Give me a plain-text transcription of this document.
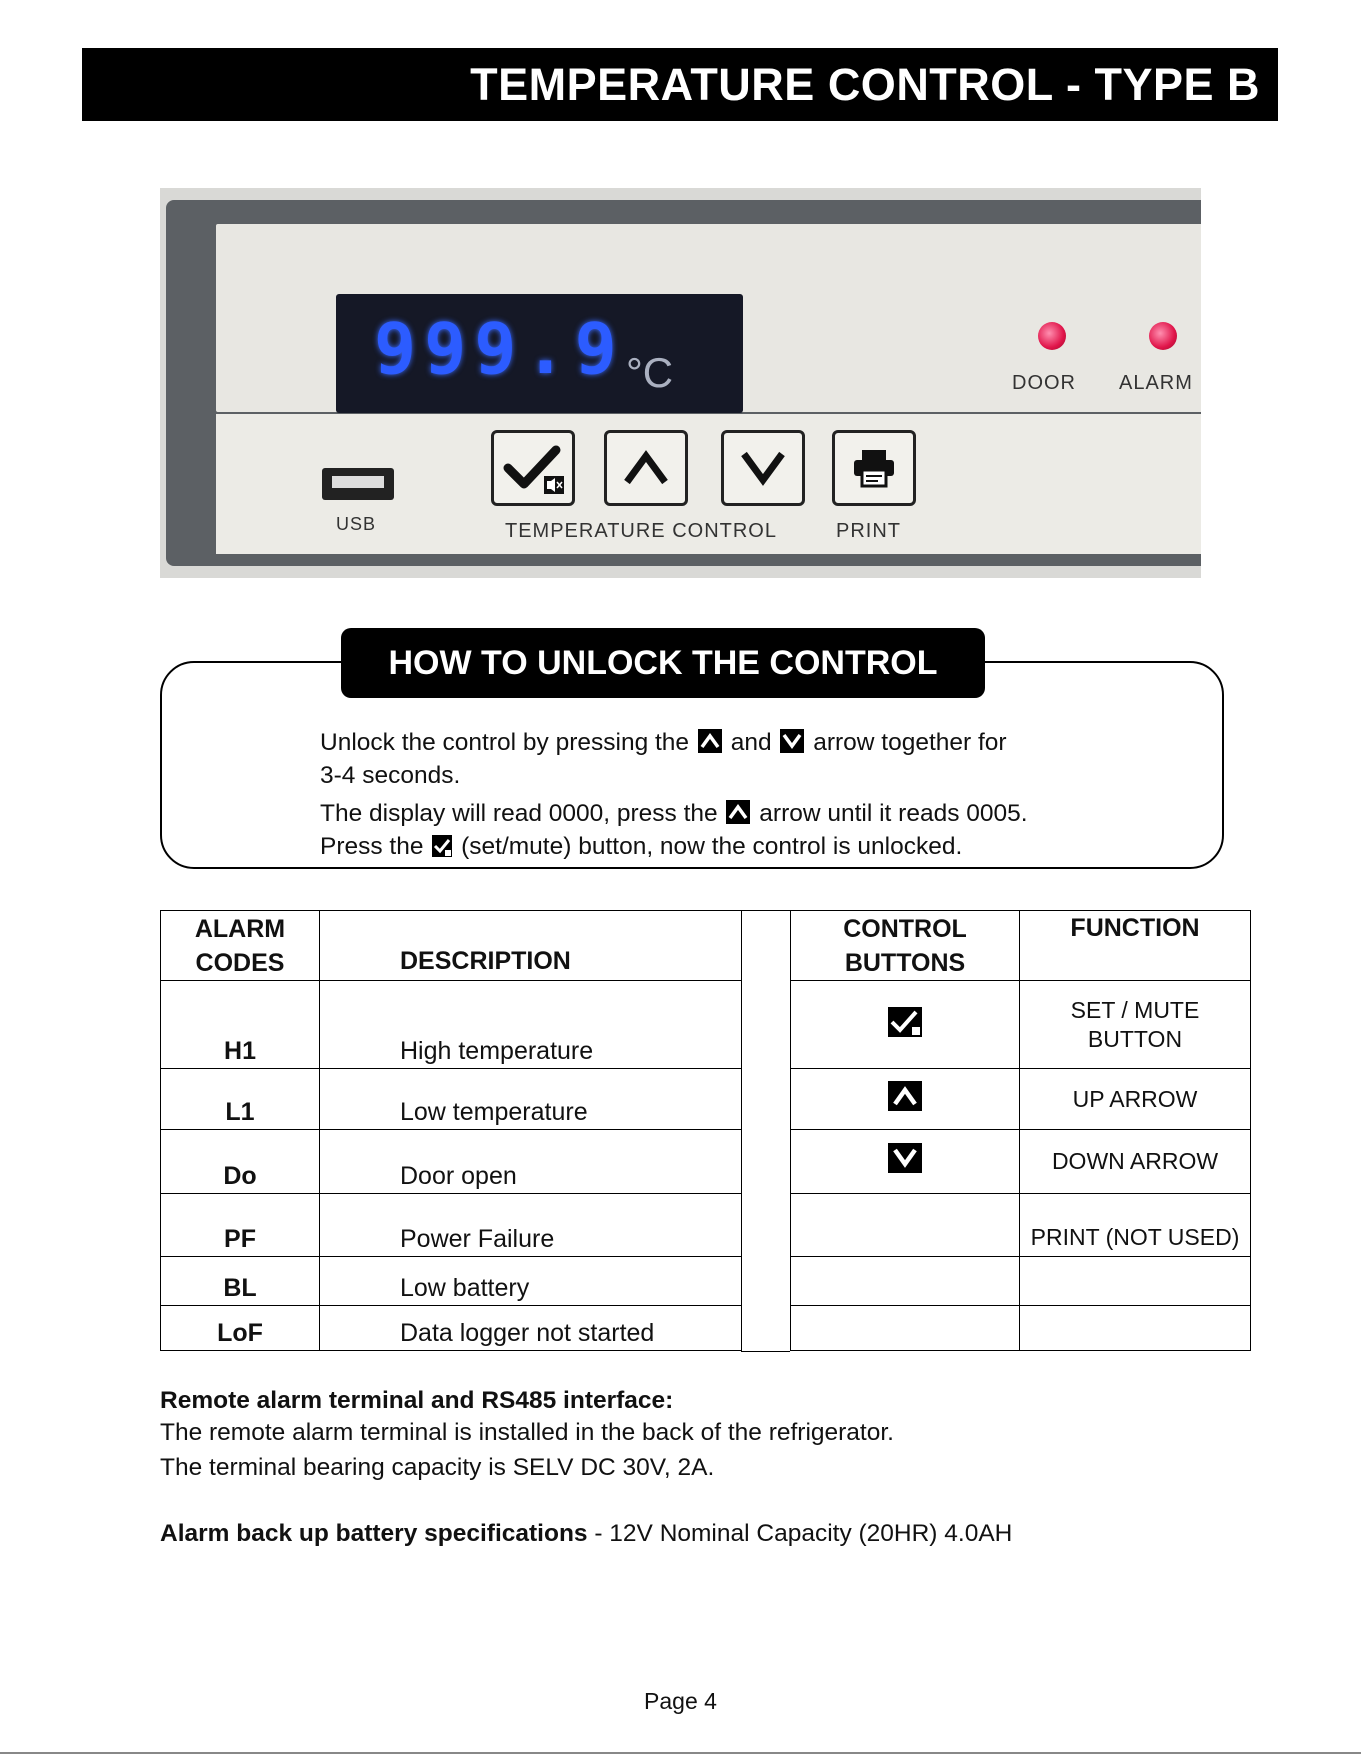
TEMPERATURE CONTROL - TYPE B
999.9 °C	DOOR ALARM
USB	TEMPERATURE CONTROL	PRINT
HOW TO UNLOCK THE CONTROL

Unlock the control by pressing the and arrow together for

3-4 seconds.

The display will read 0000, press the arrow until it reads 0005.

Press the (set/mute) button, now the control is unlocked.

ALARM
CODES	DESCRIPTION
H1	High temperature
L1	Low temperature
Do	Door open
PF	Power Failure
BL	Low battery
LoF	Data logger not started
CONTROL
BUTTONS	FUNCTION
	SET / MUTE
BUTTON
	UP ARROW
	DOWN ARROW
	PRINT (NOT USED)

Remote alarm terminal and RS485 interface:
The remote alarm terminal is installed in the back of the refrigerator.
The terminal bearing capacity is SELV DC 30V, 2A.
Alarm back up battery specifications - 12V Nominal Capacity (20HR) 4.0AH
Page 4
